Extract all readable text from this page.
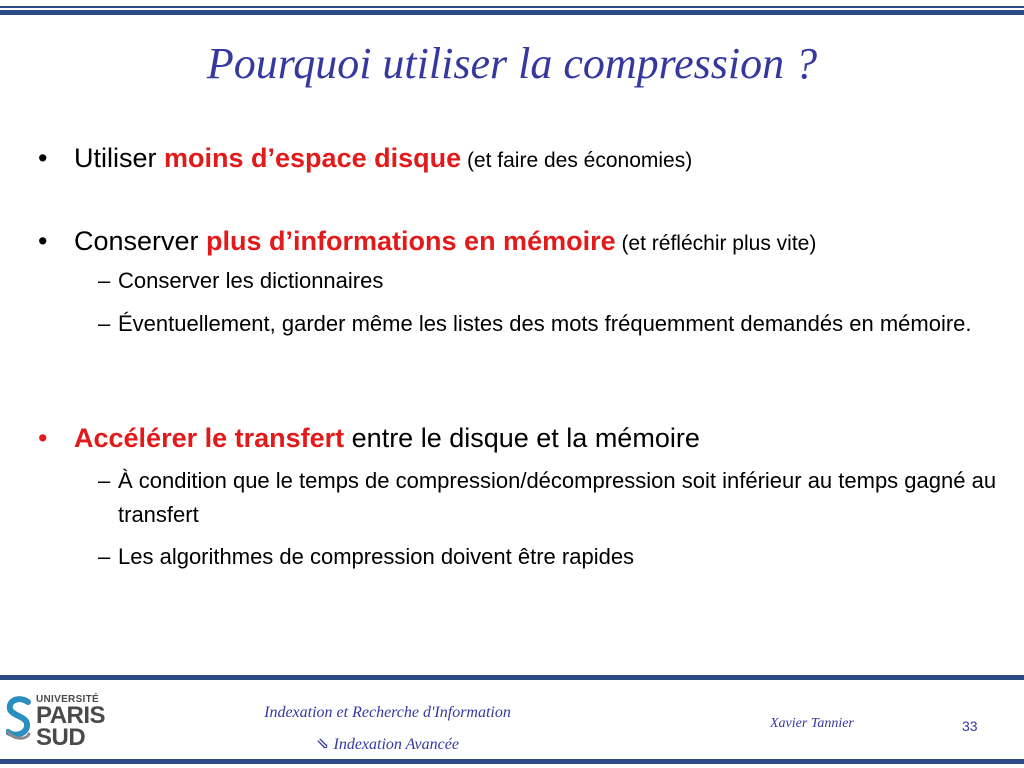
Pourquoi utiliser la compression ?
• Utiliser moins d’espace disque (et faire des économies)
• Conserver plus d’informations en mémoire (et réfléchir plus vite)
– Conserver les dictionnaires
– Éventuellement, garder même les listes des mots fréquemment demandés en mémoire.
• Accélérer le transfert entre le disque et la mémoire
– À condition que le temps de compression/décompression soit inférieur au temps gagné au transfert
– Les algorithmes de compression doivent être rapides
UNIVERSITÉ
PARIS
SUD
Indexation et Recherche d'Information
⇘ Indexation Avancée
Xavier Tannier	33
